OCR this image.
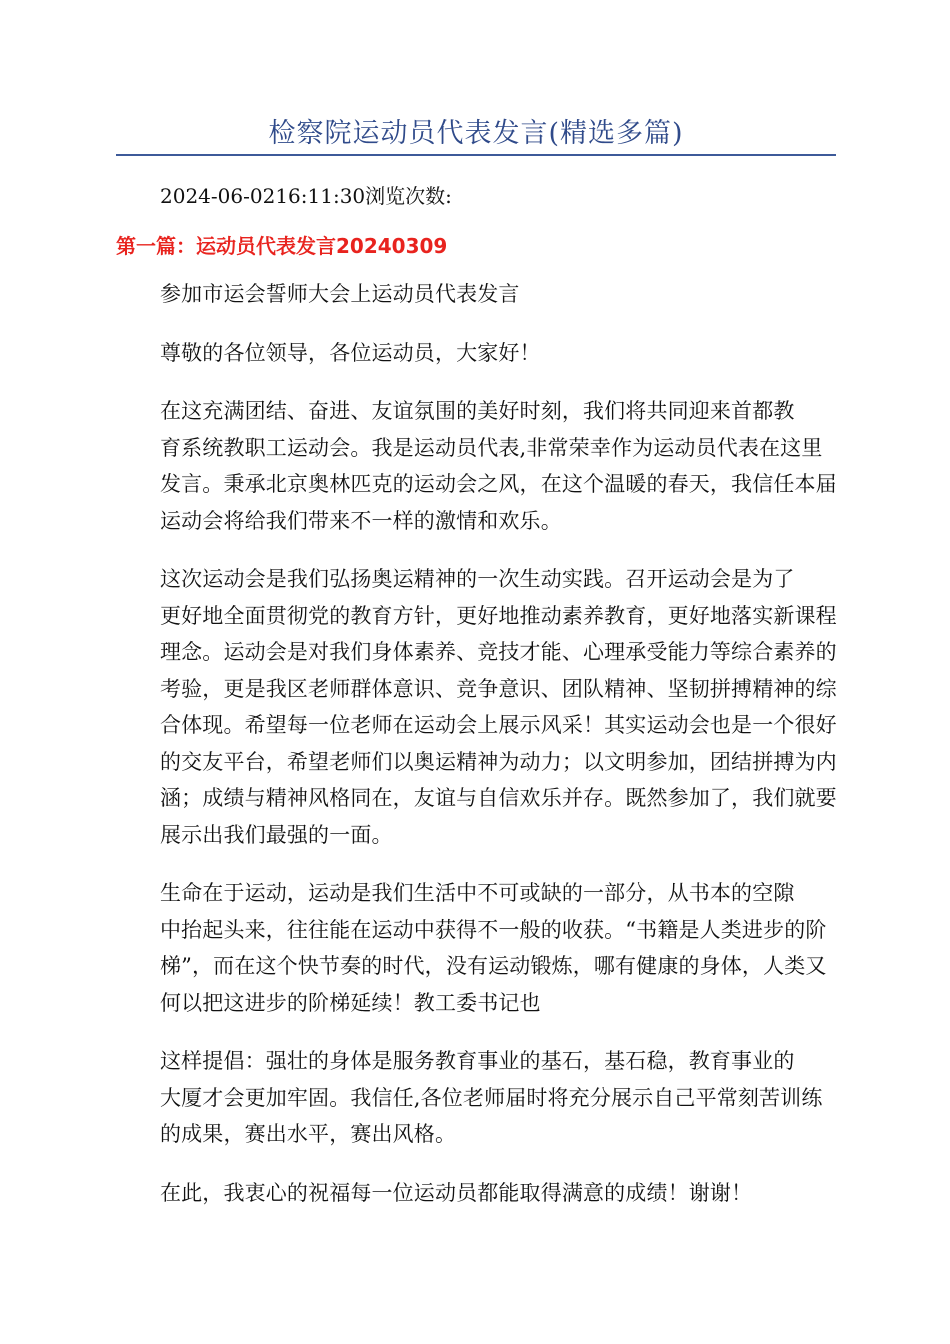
检察院运动员代表发言(精选多篇)
2024-06-0216:11:30浏览次数:
第一篇：运动员代表发言20240309

参加市运会誓师大会上运动员代表发言

尊敬的各位领导，各位运动员，大家好！

在这充满团结、奋进、友谊氛围的美好时刻，我们将共同迎来首都教
育系统教职工运动会。我是运动员代表,非常荣幸作为运动员代表在这里
发言。秉承北京奥林匹克的运动会之风，在这个温暖的春天，我信任本届
运动会将给我们带来不一样的激情和欢乐。

这次运动会是我们弘扬奥运精神的一次生动实践。召开运动会是为了
更好地全面贯彻党的教育方针，更好地推动素养教育，更好地落实新课程
理念。运动会是对我们身体素养、竞技才能、心理承受能力等综合素养的
考验，更是我区老师群体意识、竞争意识、团队精神、坚韧拼搏精神的综
合体现。希望每一位老师在运动会上展示风采！其实运动会也是一个很好
的交友平台，希望老师们以奥运精神为动力；以文明参加，团结拼搏为内
涵；成绩与精神风格同在，友谊与自信欢乐并存。既然参加了，我们就要
展示出我们最强的一面。

生命在于运动，运动是我们生活中不可或缺的一部分，从书本的空隙
中抬起头来，往往能在运动中获得不一般的收获。“书籍是人类进步的阶
梯”，而在这个快节奏的时代，没有运动锻炼，哪有健康的身体，人类又
何以把这进步的阶梯延续！教工委书记也

这样提倡：强壮的身体是服务教育事业的基石，基石稳，教育事业的
大厦才会更加牢固。我信任,各位老师届时将充分展示自己平常刻苦训练
的成果，赛出水平，赛出风格。

在此，我衷心的祝福每一位运动员都能取得满意的成绩！谢谢！
